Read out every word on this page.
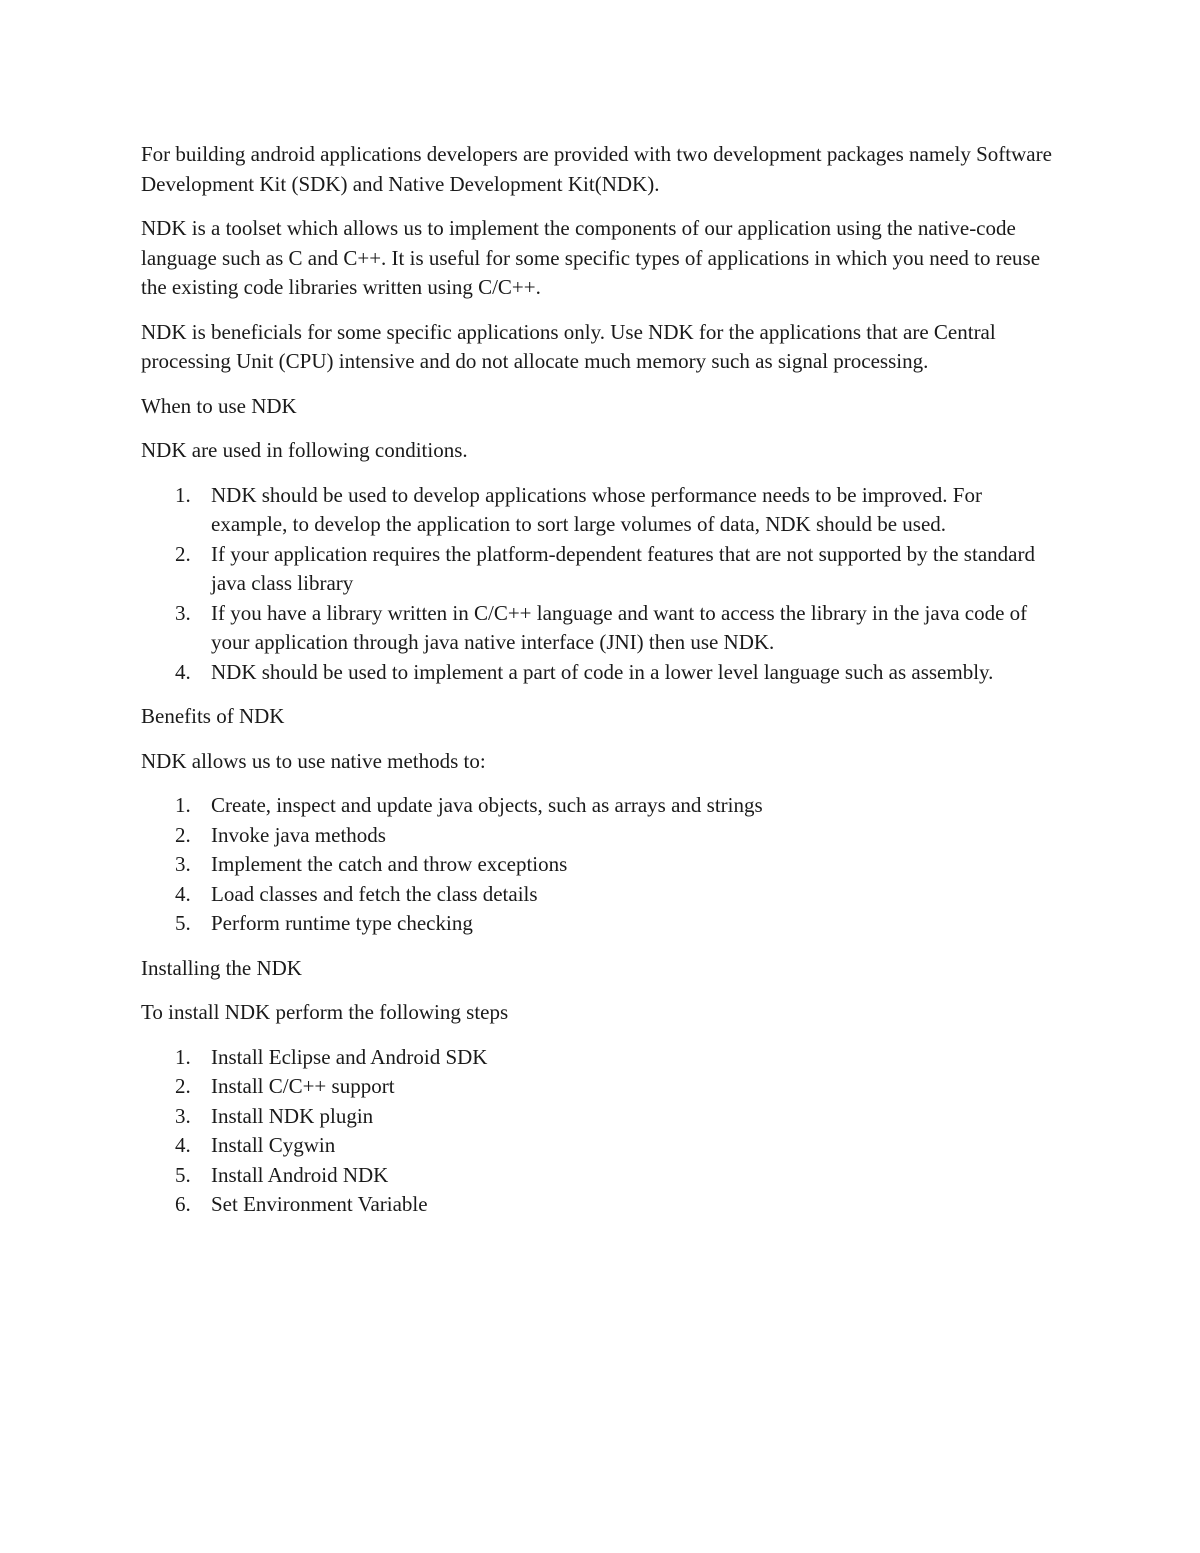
For building android applications developers are provided with two development packages namely Software Development Kit (SDK) and Native Development Kit(NDK).

NDK is a toolset which allows us to implement the components of our application using the native-code language such as C and C++. It is useful for some specific types of applications in which you need to reuse the existing code libraries written using C/C++.

NDK is beneficials for some specific applications only. Use NDK for the applications that are Central processing Unit (CPU) intensive and do not allocate much memory such as signal processing.

When to use NDK

NDK are used in following conditions.

1. NDK should be used to develop applications whose performance needs to be improved. For example, to develop the application to sort large volumes of data, NDK should be used.
2. If your application requires the platform-dependent features that are not supported by the standard java class library
3. If you have a library written in C/C++ language and want to access the library in the java code of your application through java native interface (JNI) then use NDK.
4. NDK should be used to implement a part of code in a lower level language such as assembly.

Benefits of NDK

NDK allows us to use native methods to:

1. Create, inspect and update java objects, such as arrays and strings
2. Invoke java methods
3. Implement the catch and throw exceptions
4. Load classes and fetch the class details
5. Perform runtime type checking

Installing the NDK

To install NDK perform the following steps

1. Install Eclipse and Android SDK
2. Install C/C++ support
3. Install NDK plugin
4. Install Cygwin
5. Install Android NDK
6. Set Environment Variable
